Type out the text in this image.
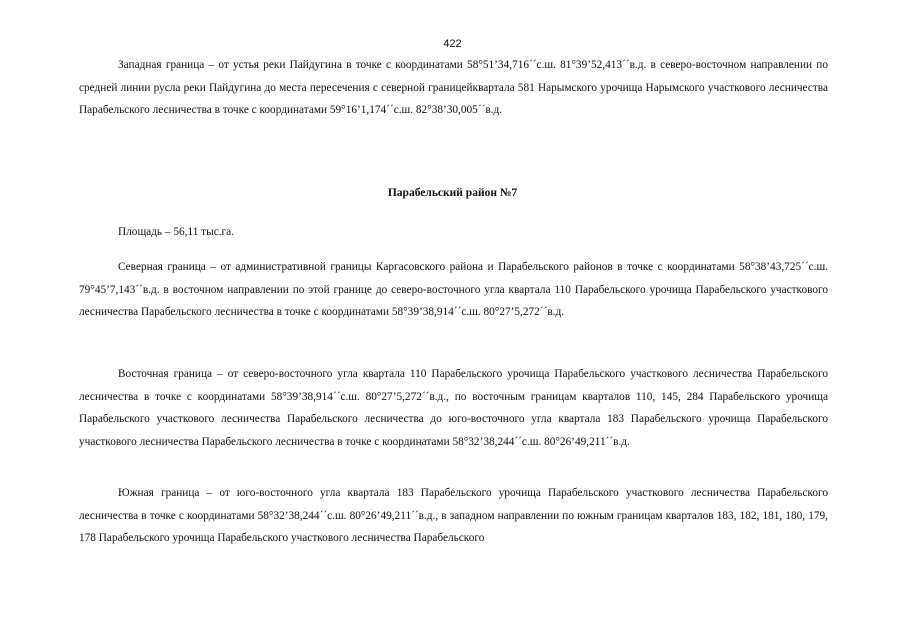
422

Западная граница – от устья реки Пайдугина в точке с координатами 58°51’34,716´´с.ш. 81°39’52,413´´в.д. в северо-восточном направлении по средней линии русла реки Пайдугина до места пересечения с северной границейквартала 581 Нарымского урочища Нарымского участкового лесничества Парабельского лесничества в точке с координатами 59°16’1,174´´с.ш. 82°38’30,005´´в.д.

Парабельский район №7

Площадь – 56,11 тыс.га.

Северная граница – от административной границы Каргасовского района и Парабельского районов в точке с координатами 58°38’43,725´´с.ш. 79°45’7,143´´в.д. в восточном направлении по этой границе до северо-восточного угла квартала 110 Парабельского урочища Парабельского участкового лесничества Парабельского лесничества в точке с координатами 58°39’38,914´´с.ш. 80°27’5,272´´в.д.

Восточная граница – от северо-восточного угла квартала 110 Парабельского урочища Парабельского участкового лесничества Парабельского лесничества в точке с координатами 58°39’38,914´´с.ш. 80°27’5,272´´в.д., по восточным границам кварталов 110, 145, 284 Парабельского урочища Парабельского участкового лесничества Парабельского лесничества до юго-восточного угла квартала 183 Парабельского урочища Парабельского участкового лесничества Парабельского лесничества в точке с координатами 58°32’38,244´´с.ш. 80°26’49,211´´в.д.

Южная граница – от юго-восточного угла квартала 183 Парабельского урочища Парабельского участкового лесничества Парабельского лесничества в точке с координатами 58°32’38,244´´с.ш. 80°26’49,211´´в.д., в западном направлении по южным границам кварталов 183, 182, 181, 180, 179, 178 Парабельского урочища Парабельского участкового лесничества Парабельского
